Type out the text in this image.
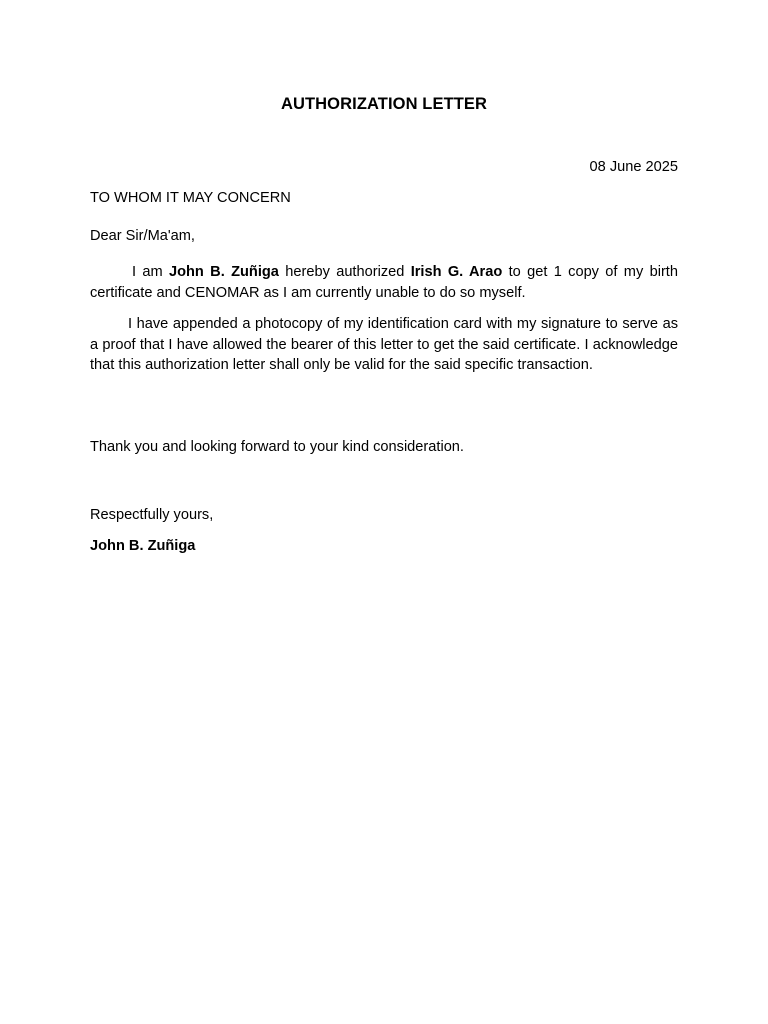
AUTHORIZATION LETTER
08 June 2025
TO WHOM IT MAY CONCERN
Dear Sir/Ma'am,
I am John B. Zuñiga hereby authorized Irish G. Arao to get 1 copy of my birth certificate and CENOMAR as I am currently unable to do so myself.
I have appended a photocopy of my identification card with my signature to serve as a proof that I have allowed the bearer of this letter to get the said certificate. I acknowledge that this authorization letter shall only be valid for the said specific transaction.
Thank you and looking forward to your kind consideration.
Respectfully yours,
John B. Zuñiga
